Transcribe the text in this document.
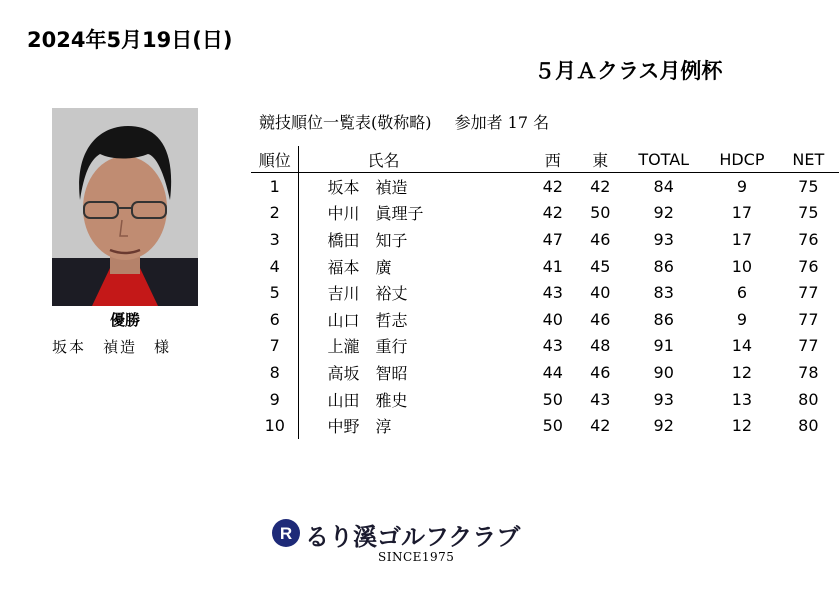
2024年5月19日(日)
５月Ａクラス月例杯
優勝
坂本　禎造　様
競技順位一覧表(敬称略) 参加者 17 名
順位	氏名	西	東	TOTAL	HDCP	NET
1	坂本　禎造	42	42	84	9	75
2	中川　眞理子	42	50	92	17	75
3	橋田　知子	47	46	93	17	76
4	福本　廣	41	45	86	10	76
5	吉川　裕丈	43	40	83	6	77
6	山口　哲志	40	46	86	9	77
7	上瀧　重行	43	48	91	14	77
8	高坂　智昭	44	46	90	12	78
9	山田　雅史	50	43	93	13	80
10	中野　淳	50	42	92	12	80
R るり溪ゴルフクラブ
SINCE1975
